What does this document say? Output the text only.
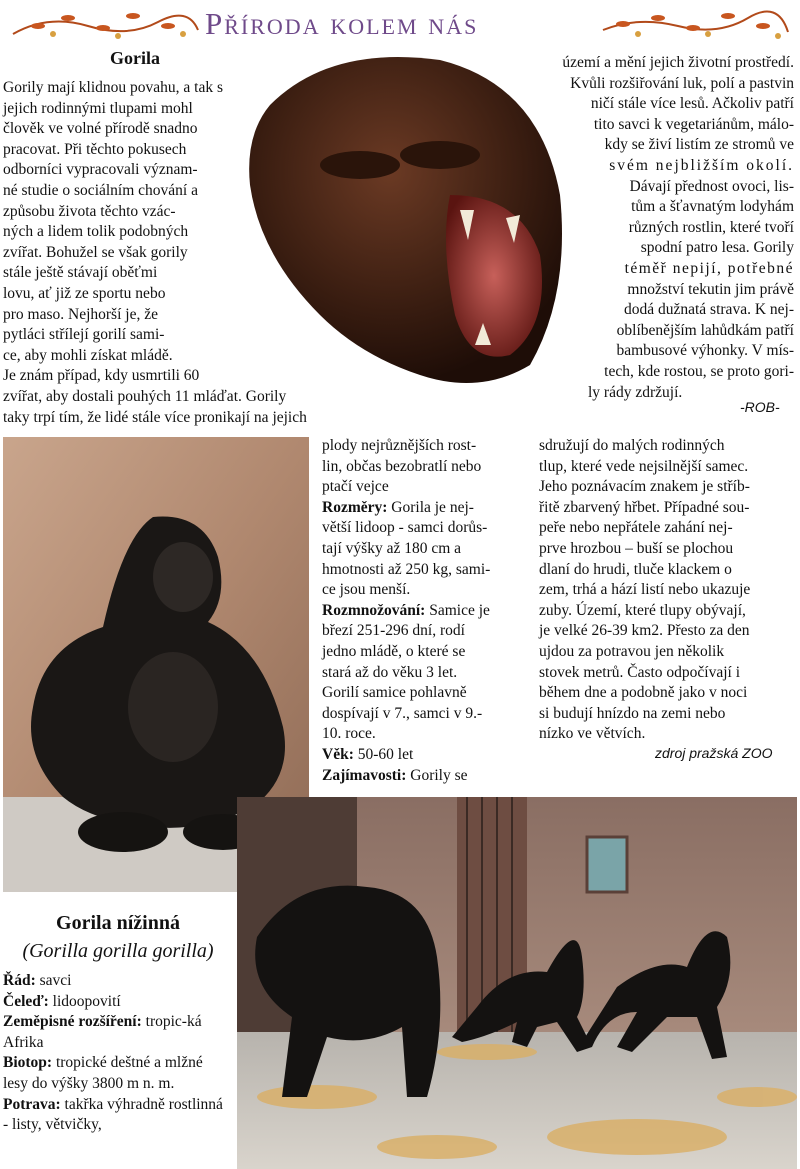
Příroda kolem nás
Gorila
Gorily mají klidnou povahu, a tak s
jejich rodinnými tlupami mohl
člověk ve volné přírodě snadno
pracovat. Při těchto pokusech
odborníci vypracovali význam-
né studie o sociálním chování a
způsobu života těchto vzác-
ných a lidem tolik podobných
zvířat. Bohužel se však gorily
stále ještě stávají oběťmi
lovu, ať již ze sportu nebo
pro maso. Nejhorší je, že
pytláci střílejí gorilí sami-
ce, aby mohli získat mládě.
Je znám případ, kdy usmrtili 60
zvířat, aby dostali pouhých 11 mláďat. Gorily
taky trpí tím, že lidé stále více pronikají na jejich
území a mění jejich životní prostředí.
Kvůli rozšiřování luk, polí a pastvin
ničí stále více lesů. Ačkoliv patří
tito savci k vegetariánům, málo-
kdy se živí listím ze stromů ve
svém nejbližším okolí.
Dávají přednost ovoci, lis-
tům a šťavnatým lodyhám
různých rostlin, které tvoří
spodní patro lesa. Gorily
téměř nepijí, potřebné
množství tekutin jim právě
dodá dužnatá strava. K nej-
oblíbenějším lahůdkám patří
bambusové výhonky. V mís-
tech, kde rostou, se proto gori-
ly rády zdržují.
-ROB-
Gorila nížinná
(Gorilla gorilla gorilla)
Řád: savci
Čeleď: lidoopovití
Zeměpisné rozšíření: tropic-ká Afrika
Biotop: tropické deštné a mlžné lesy do výšky 3800 m n. m.
Potrava: takřka výhradně rostlinná - listy, větvičky,
plody nejrůznějších rost-
lin, občas bezobratlí nebo
ptačí vejce
Rozměry: Gorila je nej-
větší lidoop - samci dorůs-
tají výšky až 180 cm a
hmotnosti až 250 kg, sami-
ce jsou menší.
Rozmnožování: Samice je
březí 251-296 dní, rodí
jedno mládě, o které se
stará až do věku 3 let.
Gorilí samice pohlavně
dospívají v 7., samci v 9.-
10. roce.
Věk: 50-60 let
Zajímavosti: Gorily se
sdružují do malých rodinných
tlup, které vede nejsilnější samec.
Jeho poznávacím znakem je stříb-
řitě zbarvený hřbet. Případné sou-
peře nebo nepřátele zahání nej-
prve hrozbou – buší se plochou
dlaní do hrudi, tluče klackem o
zem, trhá a hází listí nebo ukazuje
zuby. Území, které tlupy obývají,
je velké 26-39 km2. Přesto za den
ujdou za potravou jen několik
stovek metrů. Často odpočívají i
během dne a podobně jako v noci
si budují hnízdo na zemi nebo
nízko ve větvích.
zdroj pražská ZOO
